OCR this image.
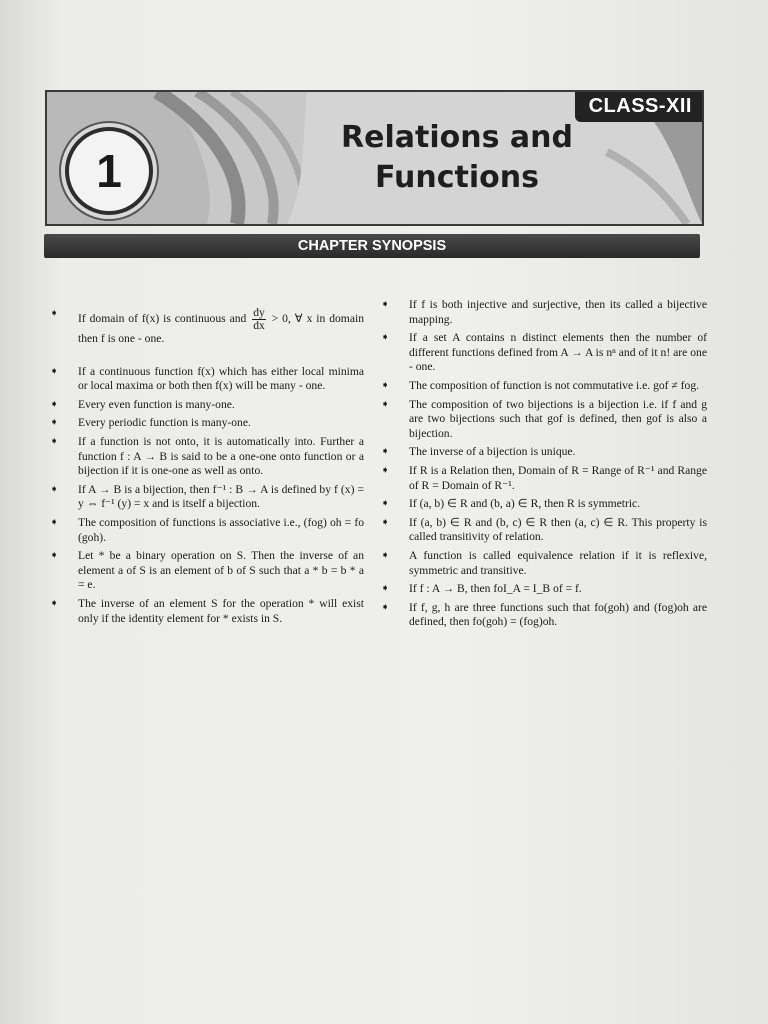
CLASS-XII
1
Relations and
Functions
CHAPTER SYNOPSIS
➧ If domain of f(x) is continuous and $\frac{dy}{dx} > 0$, ∀ x in domain then f is one - one.
➧ If a continuous function f(x) which has either local minima or local maxima or both then f(x) will be many - one.
➧ Every even function is many-one.
➧ Every periodic function is many-one.
➧ If a function is not onto, it is automatically into. Further a function f : A → B is said to be a one-one onto function or a bijection if it is one-one as well as onto.
➧ If A → B is a bijection, then f⁻¹ : B → A is defined by f (x) = y ⇔ f⁻¹ (y) = x and is itself a bijection.
➧ The composition of functions is associative i.e., (fog) oh = fo (goh).
➧ Let * be a binary operation on S. Then the inverse of an element a of S is an element of b of S such that a * b = b * a = e.
➧ The inverse of an element S for the operation * will exist only if the identity element for * exists in S.
➧ If f is both injective and surjective, then its called a bijective mapping.
➧ If a set A contains n distinct elements then the number of different functions defined from A → A is nⁿ and of it n! are one - one.
➧ The composition of function is not commutative i.e. gof ≠ fog.
➧ The composition of two bijections is a bijection i.e. if f and g are two bijections such that gof is defined, then gof is also a bijection.
➧ The inverse of a bijection is unique.
➧ If R is a Relation then, Domain of R = Range of R⁻¹ and Range of R = Domain of R⁻¹.
➧ If (a, b) ∈ R and (b, a) ∈ R, then R is symmetric.
➧ If (a, b) ∈ R and (b, c) ∈ R then (a, c) ∈ R. This property is called transitivity of relation.
➧ A function is called equivalence relation if it is reflexive, symmetric and transitive.
➧ If f : A → B, then foI_A = I_B of = f.
➧ If f, g, h are three functions such that fo(goh) and (fog)oh are defined, then fo(goh) = (fog)oh.
